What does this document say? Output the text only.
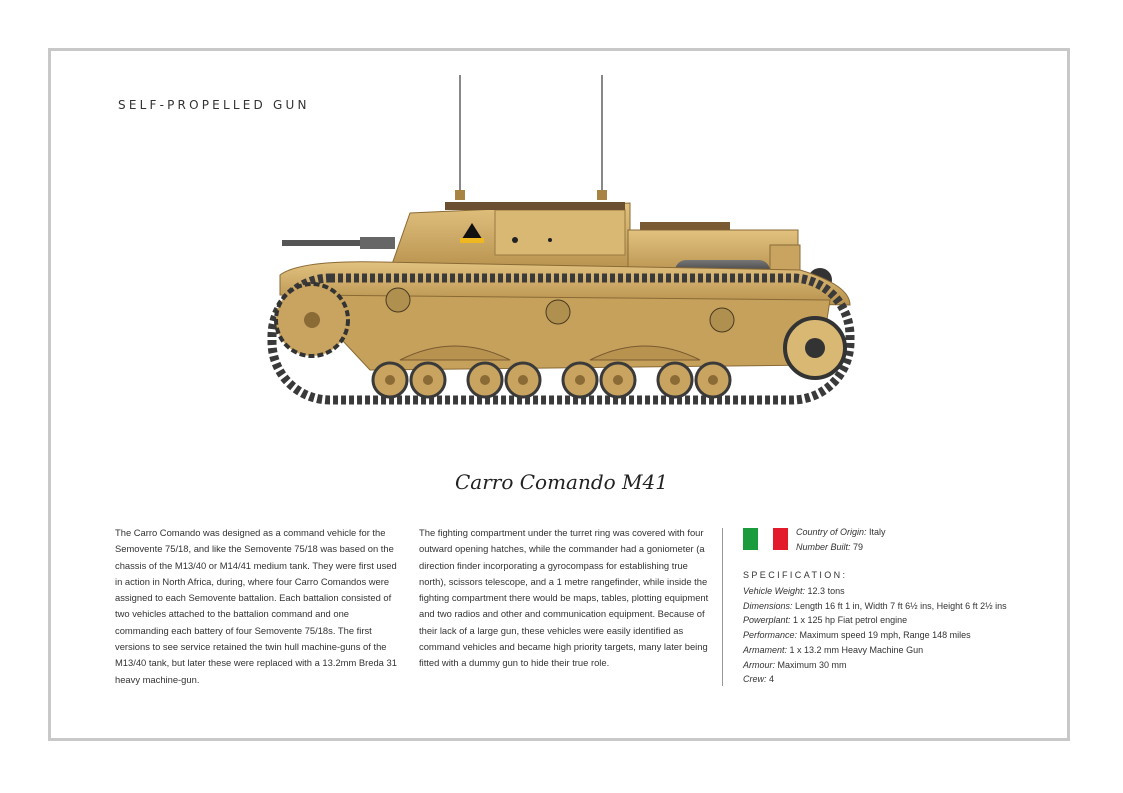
SELF-PROPELLED GUN
Carro Comando M41
The Carro Comando was designed as a command vehicle for the Semovente 75/18, and like the Semovente 75/18 was based on the chassis of the M13/40 or M14/41 medium tank. They were first used in action in North Africa, during, where four Carro Comandos were assigned to each Semovente battalion. Each battalion consisted of two vehicles attached to the battalion command and one commanding each battery of four Semovente 75/18s. The first versions to see service retained the twin hull machine-guns of the M13/40 tank, but later these were replaced with a 13.2mm Breda 31 heavy machine-gun.
The fighting compartment under the turret ring was covered with four outward opening hatches, while the commander had a goniometer (a direction finder incorporating a gyrocompass for establishing true north), scissors telescope, and a 1 metre rangefinder, while inside the fighting compartment there would be maps, tables, plotting equipment and two radios and other and communication equipment. Because of their lack of a large gun, these vehicles were easily identified as command vehicles and became high priority targets, many later being fitted with a dummy gun to hide their true role.
Country of Origin: Italy
Number Built: 79
SPECIFICATION:
Vehicle Weight: 12.3 tons
Dimensions: Length 16 ft 1 in, Width 7 ft 6½ ins, Height 6 ft 2½ ins
Powerplant: 1 x 125 hp Fiat petrol engine
Performance: Maximum speed 19 mph, Range 148 miles
Armament: 1 x 13.2 mm Heavy Machine Gun
Armour: Maximum 30 mm
Crew: 4
